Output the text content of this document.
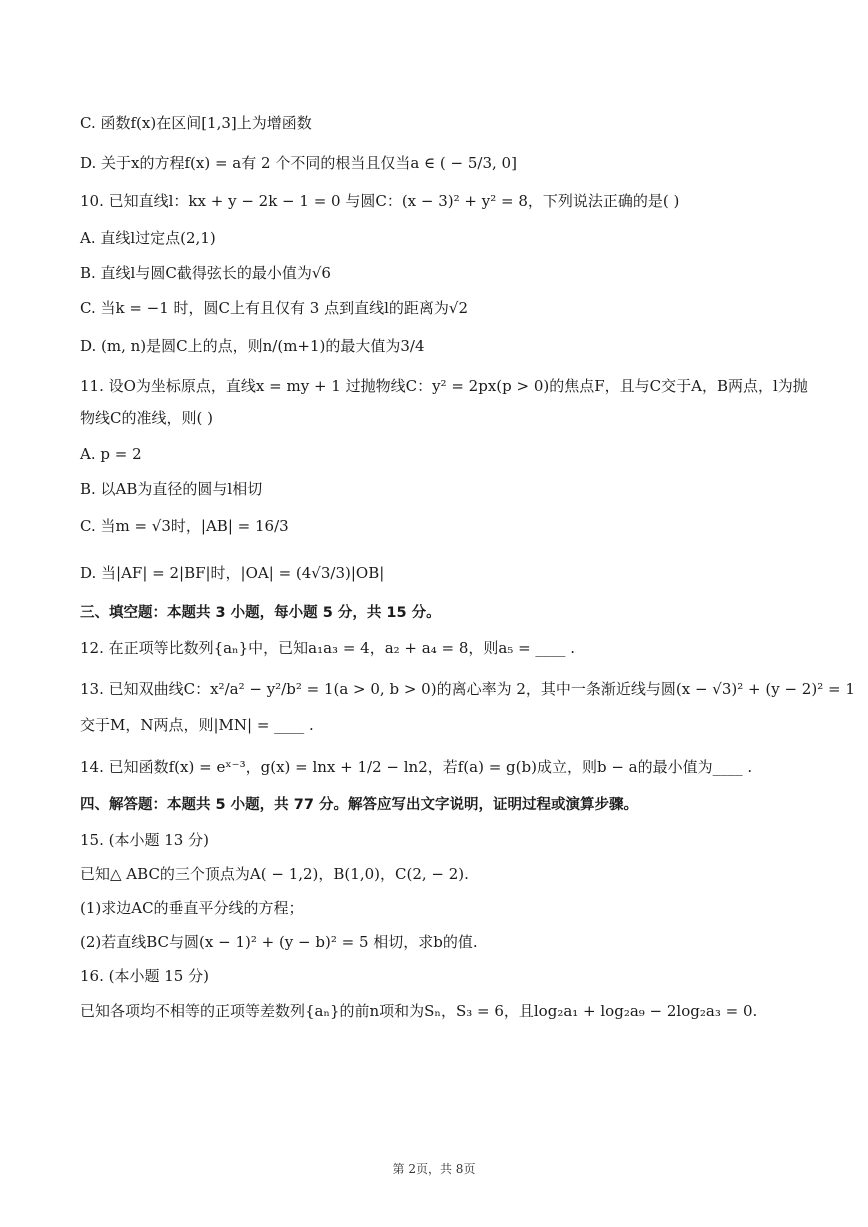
C. 函数f(x)在区间[1,3]上为增函数
D. 关于x的方程f(x) = a有 2 个不同的根当且仅当a ∈ ( − 5/3, 0]
10. 已知直线l：kx + y − 2k − 1 = 0 与圆C：(x − 3)² + y² = 8，下列说法正确的是( )
A. 直线l过定点(2,1)
B. 直线l与圆C截得弦长的最小值为√6
C. 当k = −1 时，圆C上有且仅有 3 点到直线l的距离为√2
D. (m, n)是圆C上的点，则n/(m+1)的最大值为3/4
11. 设O为坐标原点，直线x = my + 1 过抛物线C：y² = 2px(p > 0)的焦点F，且与C交于A，B两点，l为抛
物线C的准线，则( )
A. p = 2
B. 以AB为直径的圆与l相切
C. 当m = √3时，|AB| = 16/3
D. 当|AF| = 2|BF|时，|OA| = (4√3/3)|OB|
三、填空题：本题共 3 小题，每小题 5 分，共 15 分。
12. 在正项等比数列{aₙ}中，已知a₁a₃ = 4，a₂ + a₄ = 8，则a₅ = ____ .
13. 已知双曲线C：x²/a² − y²/b² = 1(a > 0, b > 0)的离心率为 2，其中一条渐近线与圆(x − √3)² + (y − 2)² = 1
交于M，N两点，则|MN| = ____ .
14. 已知函数f(x) = eˣ⁻³，g(x) = lnx + 1/2 − ln2，若f(a) = g(b)成立，则b − a的最小值为____ .
四、解答题：本题共 5 小题，共 77 分。解答应写出文字说明，证明过程或演算步骤。
15. (本小题 13 分)
已知△ ABC的三个顶点为A( − 1,2)，B(1,0)，C(2, − 2).
(1)求边AC的垂直平分线的方程；
(2)若直线BC与圆(x − 1)² + (y − b)² = 5 相切，求b的值.
16. (本小题 15 分)
已知各项均不相等的正项等差数列{aₙ}的前n项和为Sₙ，S₃ = 6，且log₂a₁ + log₂a₉ − 2log₂a₃ = 0.
第 2页，共 8页
